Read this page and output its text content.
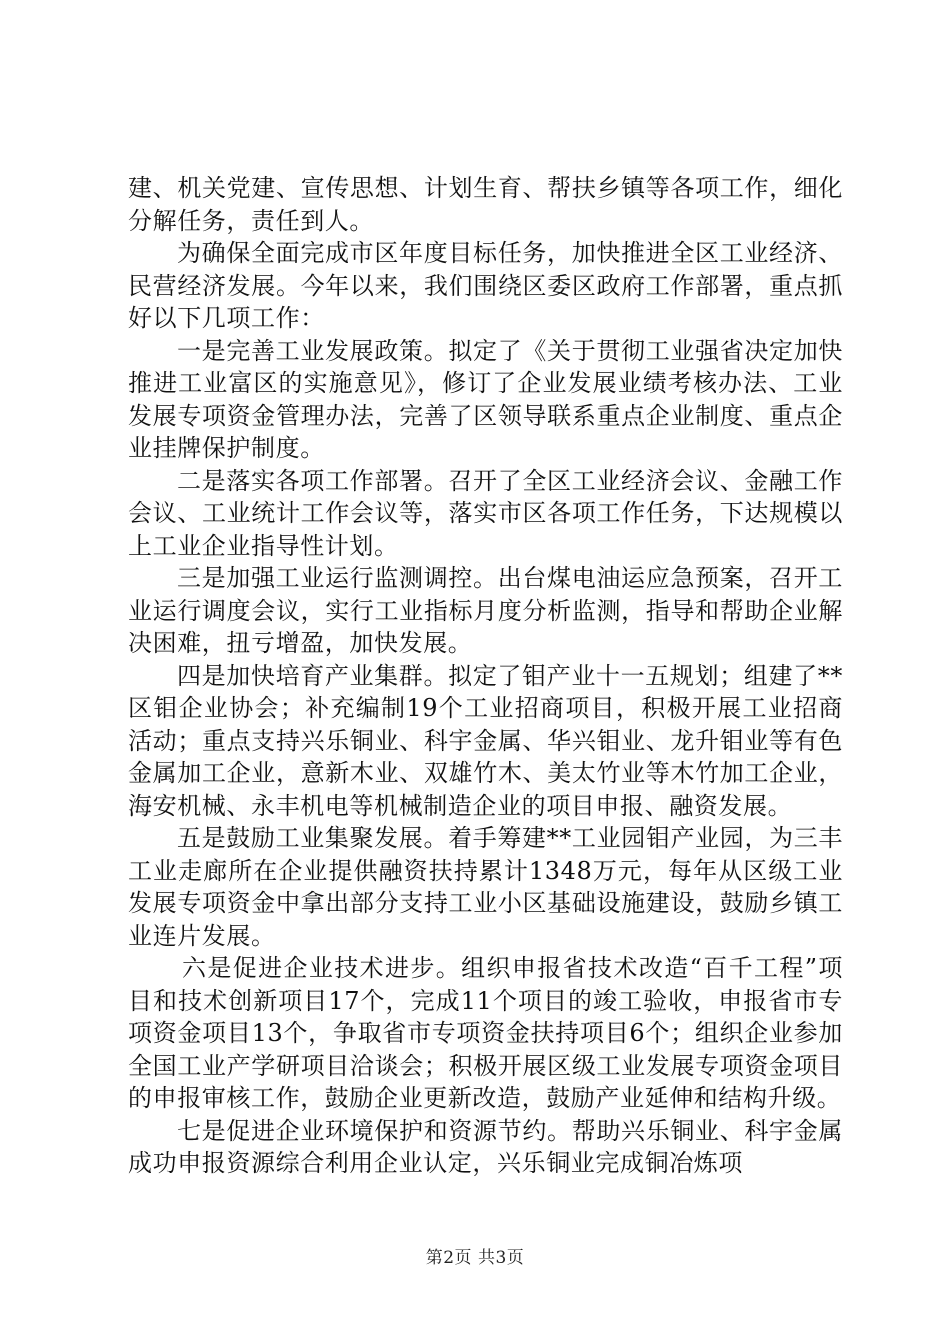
建、机关党建、宣传思想、计划生育、帮扶乡镇等各项工作，细化分解任务，责任到人。

为确保全面完成市区年度目标任务，加快推进全区工业经济、民营经济发展。今年以来，我们围绕区委区政府工作部署，重点抓好以下几项工作：

一是完善工业发展政策。拟定了《关于贯彻工业强省决定加快推进工业富区的实施意见》，修订了企业发展业绩考核办法、工业发展专项资金管理办法，完善了区领导联系重点企业制度、重点企业挂牌保护制度。

二是落实各项工作部署。召开了全区工业经济会议、金融工作会议、工业统计工作会议等，落实市区各项工作任务，下达规模以上工业企业指导性计划。

三是加强工业运行监测调控。出台煤电油运应急预案，召开工业运行调度会议，实行工业指标月度分析监测，指导和帮助企业解决困难，扭亏增盈，加快发展。

四是加快培育产业集群。拟定了钼产业十一五规划；组建了**区钼企业协会；补充编制19个工业招商项目，积极开展工业招商活动；重点支持兴乐铜业、科宇金属、华兴钼业、龙升钼业等有色金属加工企业，意新木业、双雄竹木、美太竹业等木竹加工企业，海安机械、永丰机电等机械制造企业的项目申报、融资发展。

五是鼓励工业集聚发展。着手筹建**工业园钼产业园，为三丰工业走廊所在企业提供融资扶持累计1348万元，每年从区级工业发展专项资金中拿出部分支持工业小区基础设施建设，鼓励乡镇工业连片发展。

六是促进企业技术进步。组织申报省技术改造“百千工程”项目和技术创新项目17个，完成11个项目的竣工验收，申报省市专项资金项目13个，争取省市专项资金扶持项目6个；组织企业参加全国工业产学研项目洽谈会；积极开展区级工业发展专项资金项目的申报审核工作，鼓励企业更新改造，鼓励产业延伸和结构升级。

七是促进企业环境保护和资源节约。帮助兴乐铜业、科宇金属成功申报资源综合利用企业认定，兴乐铜业完成铜冶炼项

第2页 共3页
